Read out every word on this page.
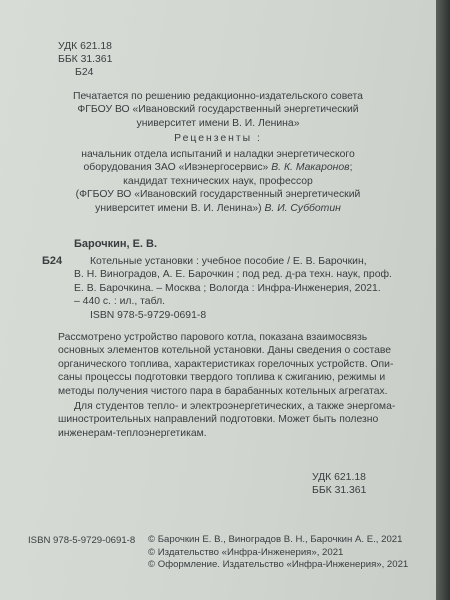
УДК 621.18
ББК 31.361
Б24
Печатается по решению редакционно-издательского совета
ФГБОУ ВО «Ивановский государственный энергетический
университет имени В. И. Ленина»
Рецензенты :
начальник отдела испытаний и наладки энергетического
оборудования ЗАО «Ивэнергосервис» В. К. Макаронов;
кандидат технических наук, профессор
(ФГБОУ ВО «Ивановский государственный энергетический
университет имени В. И. Ленина») В. И. Субботин
Барочкин, Е. В.
Б24	Котельные установки : учебное пособие / Е. В. Барочкин,
В. Н. Виноградов, А. Е. Барочкин ; под ред. д-ра техн. наук, проф.
Е. В. Барочкина. – Москва ; Вологда : Инфра-Инженерия, 2021.
– 440 с. : ил., табл.
ISBN 978-5-9729-0691-8
Рассмотрено устройство парового котла, показана взаимосвязь
основных элементов котельной установки. Даны сведения о составе
органического топлива, характеристиках горелочных устройств. Опи-
саны процессы подготовки твердого топлива к сжиганию, режимы и
методы получения чистого пара в барабанных котельных агрегатах.
Для студентов тепло- и электроэнергетических, а также энергома-
шиностроительных направлений подготовки. Может быть полезно
инженерам-теплоэнергетикам.
УДК 621.18
ББК 31.361
ISBN 978-5-9729-0691-8 © Барочкин Е. В., Виноградов В. Н., Барочкин А. Е., 2021
© Издательство «Инфра-Инженерия», 2021
© Оформление. Издательство «Инфра-Инженерия», 2021
